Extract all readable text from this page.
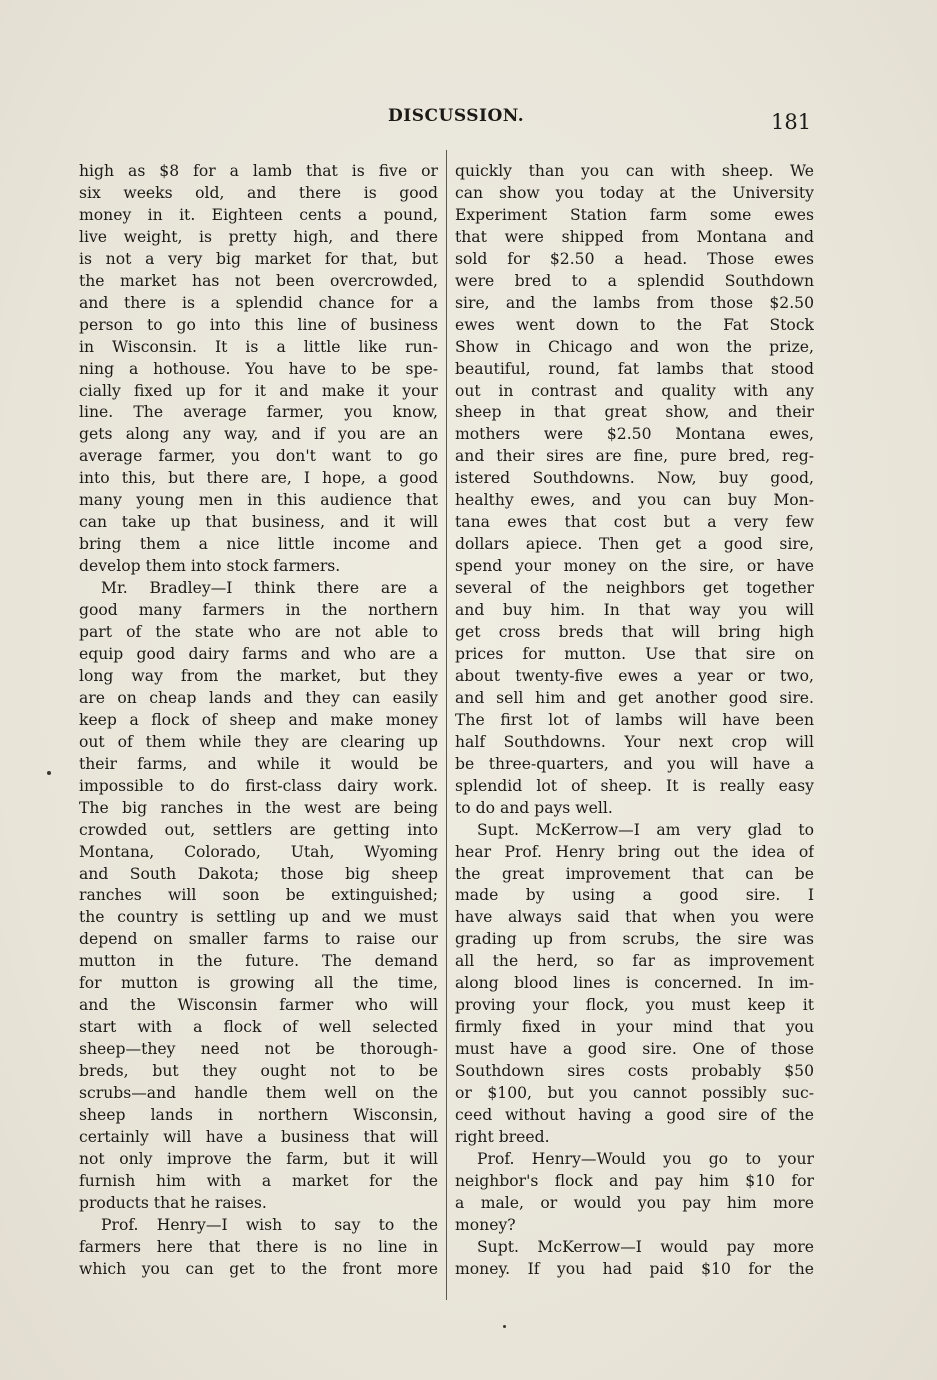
DISCUSSION.	181
high as $8 for a lamb that is five or
six weeks old, and there is good
money in it. Eighteen cents a pound,
live weight, is pretty high, and there
is not a very big market for that, but
the market has not been overcrowded,
and there is a splendid chance for a
person to go into this line of business
in Wisconsin. It is a little like run-
ning a hothouse. You have to be spe-
cially fixed up for it and make it your
line. The average farmer, you know,
gets along any way, and if you are an
average farmer, you don't want to go
into this, but there are, I hope, a good
many young men in this audience that
can take up that business, and it will
bring them a nice little income and
develop them into stock farmers.
Mr. Bradley—I think there are a
good many farmers in the northern
part of the state who are not able to
equip good dairy farms and who are a
long way from the market, but they
are on cheap lands and they can easily
keep a flock of sheep and make money
out of them while they are clearing up
their farms, and while it would be
impossible to do first-class dairy work.
The big ranches in the west are being
crowded out, settlers are getting into
Montana, Colorado, Utah, Wyoming
and South Dakota; those big sheep
ranches will soon be extinguished;
the country is settling up and we must
depend on smaller farms to raise our
mutton in the future. The demand
for mutton is growing all the time,
and the Wisconsin farmer who will
start with a flock of well selected
sheep—they need not be thorough-
breds, but they ought not to be
scrubs—and handle them well on the
sheep lands in northern Wisconsin,
certainly will have a business that will
not only improve the farm, but it will
furnish him with a market for the
products that he raises.
Prof. Henry—I wish to say to the
farmers here that there is no line in
which you can get to the front more
quickly than you can with sheep. We
can show you today at the University
Experiment Station farm some ewes
that were shipped from Montana and
sold for $2.50 a head. Those ewes
were bred to a splendid Southdown
sire, and the lambs from those $2.50
ewes went down to the Fat Stock
Show in Chicago and won the prize,
beautiful, round, fat lambs that stood
out in contrast and quality with any
sheep in that great show, and their
mothers were $2.50 Montana ewes,
and their sires are fine, pure bred, reg-
istered Southdowns. Now, buy good,
healthy ewes, and you can buy Mon-
tana ewes that cost but a very few
dollars apiece. Then get a good sire,
spend your money on the sire, or have
several of the neighbors get together
and buy him. In that way you will
get cross breds that will bring high
prices for mutton. Use that sire on
about twenty-five ewes a year or two,
and sell him and get another good sire.
The first lot of lambs will have been
half Southdowns. Your next crop will
be three-quarters, and you will have a
splendid lot of sheep. It is really easy
to do and pays well.
Supt. McKerrow—I am very glad to
hear Prof. Henry bring out the idea of
the great improvement that can be
made by using a good sire. I
have always said that when you were
grading up from scrubs, the sire was
all the herd, so far as improvement
along blood lines is concerned. In im-
proving your flock, you must keep it
firmly fixed in your mind that you
must have a good sire. One of those
Southdown sires costs probably $50
or $100, but you cannot possibly suc-
ceed without having a good sire of the
right breed.
Prof. Henry—Would you go to your
neighbor's flock and pay him $10 for
a male, or would you pay him more
money?
Supt. McKerrow—I would pay more
money. If you had paid $10 for the
